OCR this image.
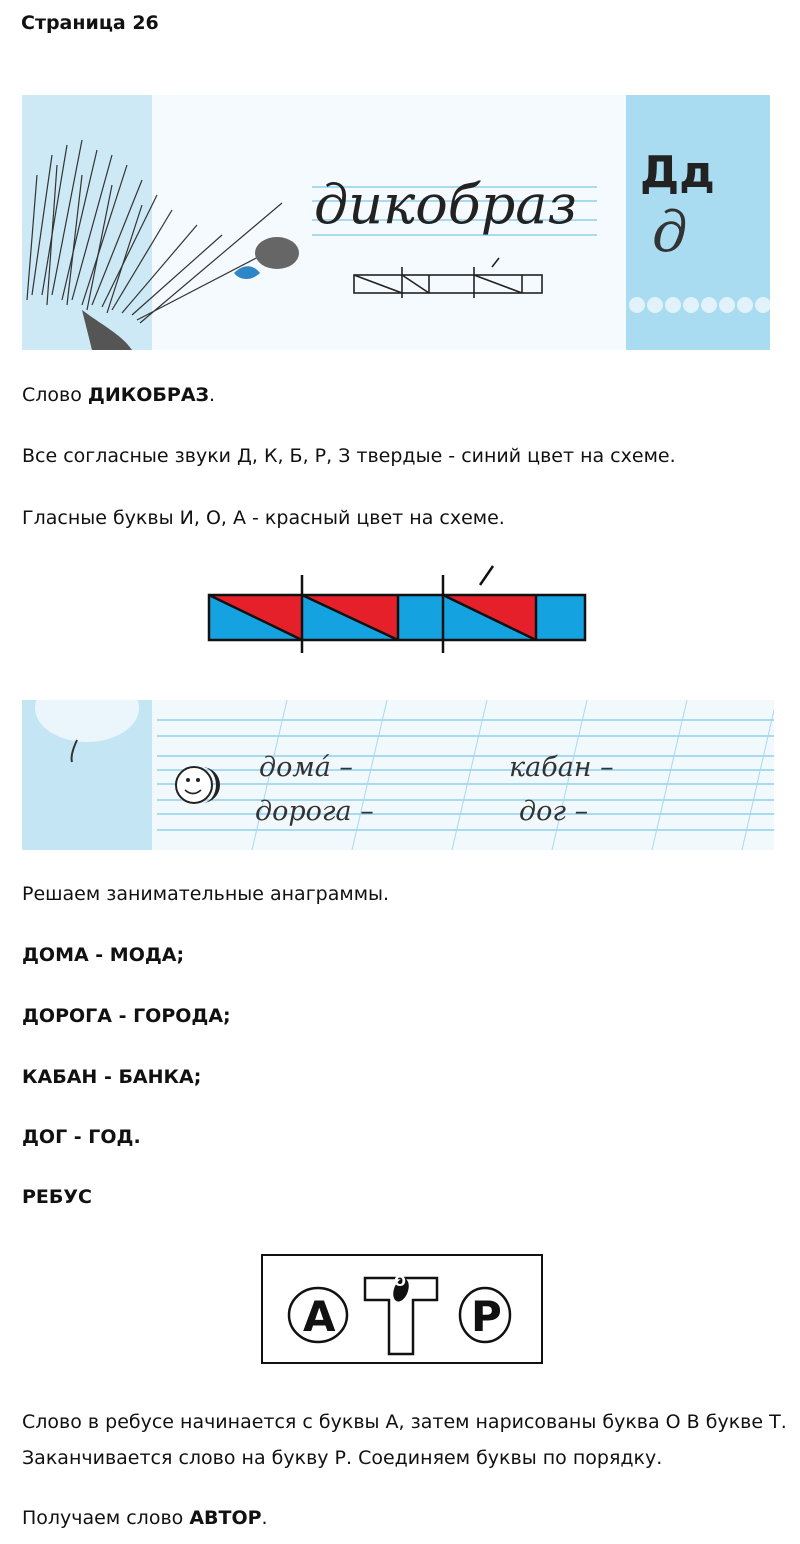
Страница 26
дикобраз
Дд
д
Слово ДИКОБРАЗ.
Все согласные звуки Д, К, Б, Р, З твердые - синий цвет на схеме.
Гласные буквы И, О, А - красный цвет на схеме.
домá –	кабан –
дорога –	дог –
Решаем занимательные анаграммы.
ДОМА - МОДА;
ДОРОГА - ГОРОДА;
КАБАН - БАНКА;
ДОГ - ГОД.
РЕБУС
A	P
O
Слово в ребусе начинается с буквы А, затем нарисованы буква О В букве Т.
Заканчивается слово на букву Р. Соединяем буквы по порядку.
Получаем слово АВТОР.
